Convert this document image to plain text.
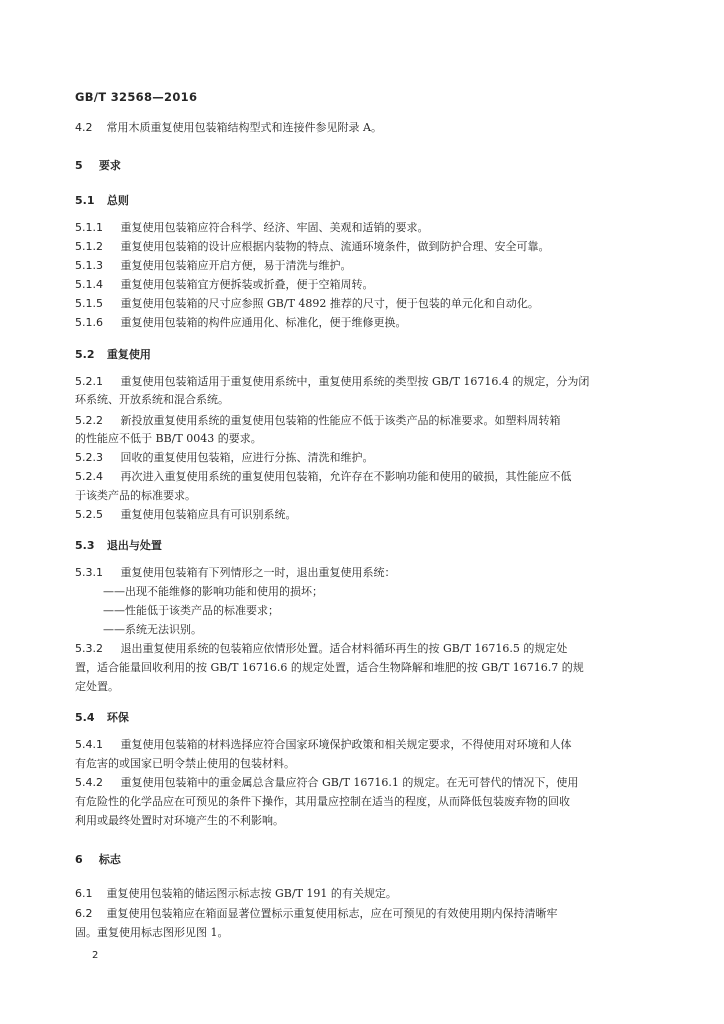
GB/T 32568—2016
4.2 常用木质重复使用包装箱结构型式和连接件参见附录 A。
5 要求
5.1 总则
5.1.1 重复使用包装箱应符合科学、经济、牢固、美观和适销的要求。
5.1.2 重复使用包装箱的设计应根据内装物的特点、流通环境条件，做到防护合理、安全可靠。
5.1.3 重复使用包装箱应开启方便，易于清洗与维护。
5.1.4 重复使用包装箱宜方便拆装或折叠，便于空箱周转。
5.1.5 重复使用包装箱的尺寸应参照 GB/T 4892 推荐的尺寸，便于包装的单元化和自动化。
5.1.6 重复使用包装箱的构件应通用化、标准化，便于维修更换。
5.2 重复使用
5.2.1 重复使用包装箱适用于重复使用系统中，重复使用系统的类型按 GB/T 16716.4 的规定，分为闭
环系统、开放系统和混合系统。
5.2.2 新投放重复使用系统的重复使用包装箱的性能应不低于该类产品的标准要求。如塑料周转箱
的性能应不低于 BB/T 0043 的要求。
5.2.3 回收的重复使用包装箱，应进行分拣、清洗和维护。
5.2.4 再次进入重复使用系统的重复使用包装箱，允许存在不影响功能和使用的破损，其性能应不低
于该类产品的标准要求。
5.2.5 重复使用包装箱应具有可识别系统。
5.3 退出与处置
5.3.1 重复使用包装箱有下列情形之一时，退出重复使用系统：
——出现不能维修的影响功能和使用的损坏；
——性能低于该类产品的标准要求；
——系统无法识别。
5.3.2 退出重复使用系统的包装箱应依情形处置。适合材料循环再生的按 GB/T 16716.5 的规定处
置，适合能量回收利用的按 GB/T 16716.6 的规定处置，适合生物降解和堆肥的按 GB/T 16716.7 的规
定处置。
5.4 环保
5.4.1 重复使用包装箱的材料选择应符合国家环境保护政策和相关规定要求，不得使用对环境和人体
有危害的或国家已明令禁止使用的包装材料。
5.4.2 重复使用包装箱中的重金属总含量应符合 GB/T 16716.1 的规定。在无可替代的情况下，使用
有危险性的化学品应在可预见的条件下操作，其用量应控制在适当的程度，从而降低包装废弃物的回收
利用或最终处置时对环境产生的不利影响。
6 标志
6.1 重复使用包装箱的储运图示标志按 GB/T 191 的有关规定。
6.2 重复使用包装箱应在箱面显著位置标示重复使用标志，应在可预见的有效使用期内保持清晰牢
固。重复使用标志图形见图 1。
2
